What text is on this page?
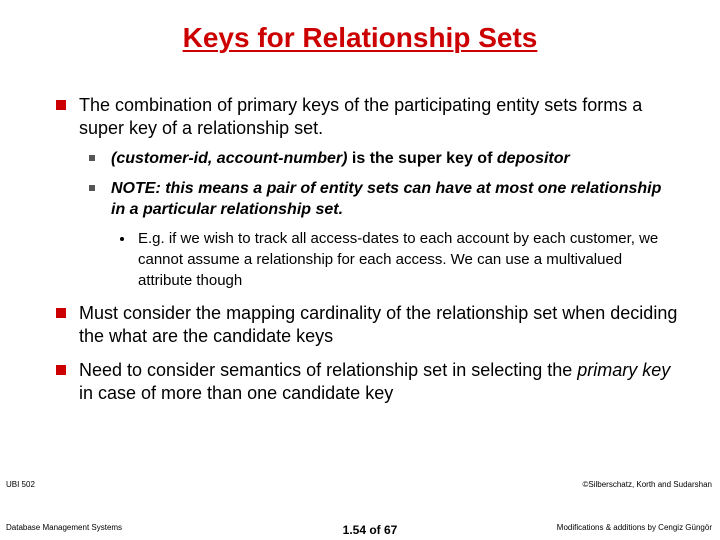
Keys for Relationship Sets
The combination of primary keys of the participating entity sets forms a super key of a relationship set.
(customer-id, account-number) is the super key of depositor
NOTE: this means a pair of entity sets can have at most one relationship in a particular relationship set.
E.g. if we wish to track all access-dates to each account by each customer, we cannot assume a relationship for each access. We can use a multivalued attribute though
Must consider the mapping cardinality of the relationship set when deciding the what are the candidate keys
Need to consider semantics of relationship set in selecting the primary key in case of more than one candidate key
UBI 502
Database Management Systems	1.54 of 67
©Silberschatz, Korth and Sudarshan
Modifications & additions by Cengiz Güngör
